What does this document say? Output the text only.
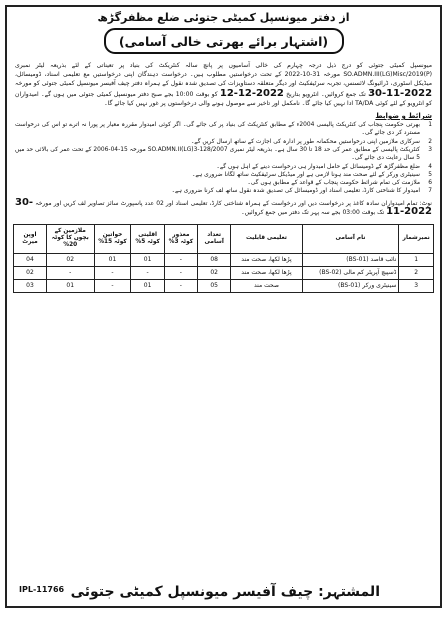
از دفتر میونسپل کمیٹی جتوئی ضلع مظفرگڑھ
(اشتہار برائے بھرتی خالی آسامی)
میونسپل کمیٹی جتوئی کو درج ذیل درجہ چہارم کی خالی آسامیوں پر پانچ سالہ کنٹریکٹ کی بنیاد پر تعیناتی کے لئے بذریعہ لیٹر نمبری SO.ADMN.III(LG)Misc/2019(P) مورخہ 31-10-2022 کے تحت درخواستیں مطلوب ہیں۔ درخواست دہندگان اپنی درخواستیں مع تعلیمی اسناد، ڈومیسائل، میڈیکل اسٹوری، ڈرائیونگ لائسنس، تجربہ سرٹیفکیٹ اور دیگر متعلقہ دستاویزات کی تصدیق شدہ نقول کے ہمراہ دفتر چیف آفیسر میونسپل کمیٹی جتوئی کو مورخہ 30-11-2022 تک جمع کروائیں۔ انٹرویو بتاریخ 12-12-2022 کو بوقت 10:00 بجے صبح دفتر میونسپل کمیٹی جتوئی میں ہوں گے۔ امیدواران کو انٹرویو کے لئے کوئی TA/DA ادا نہیں کیا جائے گا۔ نامکمل اور تاخیر سے موصول ہونے والی درخواستوں پر غور نہیں کیا جائے گا۔
شرائط و ضوابط
1
بھرتی حکومت پنجاب کی کنٹریکٹ پالیسی 2004ء کے مطابق کنٹریکٹ کی بنیاد پر کی جائے گی۔ اگر کوئی امیدوار مقررہ معیار پر پورا نہ اترے تو اس کی درخواست مسترد کر دی جائے گی۔
2
سرکاری ملازمین اپنی درخواستیں محکمانہ طور پر ادارہ کی اجازت کے ساتھ ارسال کریں گے۔
3
کنٹریکٹ پالیسی کے مطابق عمر کی حد 18 تا 30 سال ہے۔ بذریعہ لیٹر نمبری SO.ADMN.II(LG)3-128/2007 مورخہ 15-04-2006 کے تحت عمر کی بالائی حد میں 5 سال رعایت دی جائے گی۔
4
ضلع مظفرگڑھ کے ڈومیسائل کے حامل امیدوار ہی درخواست دینے کے اہل ہوں گے۔
5
سینیٹری ورکر کے لئے صحت مند ہونا لازمی ہے اور میڈیکل سرٹیفکیٹ ساتھ لگانا ضروری ہے۔
6
ملازمت کی تمام شرائط حکومت پنجاب کے قواعد کے مطابق ہوں گی۔
7
امیدوار کا شناختی کارڈ، تعلیمی اسناد اور ڈومیسائل کی تصدیق شدہ نقول ساتھ لف کرنا ضروری ہے۔
نوٹ: تمام امیدواران سادہ کاغذ پر درخواست دیں اور درخواست کے ہمراہ شناختی کارڈ، تعلیمی اسناد اور 02 عدد پاسپورٹ سائز تصاویر لف کریں اور مورخہ 30-11-2022 تک بوقت 03:00 بجے سہ پہر تک دفتر میں جمع کروائیں۔
نمبرشمار	نام آسامی	تعلیمی قابلیت	تعداد آسامی	معذور کوٹہ 3%	اقلیتی کوٹہ 5%	خواتین کوٹہ 15%	ملازمین کے بچوں کا کوٹہ 20%	اوپن میرٹ
1	نائب قاصد (BS-01)	پڑھا لکھا، صحت مند	08	-	01	01	02	04
2	ڈسپیچ آپریٹر کم مالی (BS-02)	پڑھا لکھا، صحت مند	02	-	-	-	-	02
3	سینیٹری ورکر (BS-01)	صحت مند	05	-	01	-	01	03
IPL-11766 المشتہر: چیف آفیسر میونسپل کمیٹی جتوئی
